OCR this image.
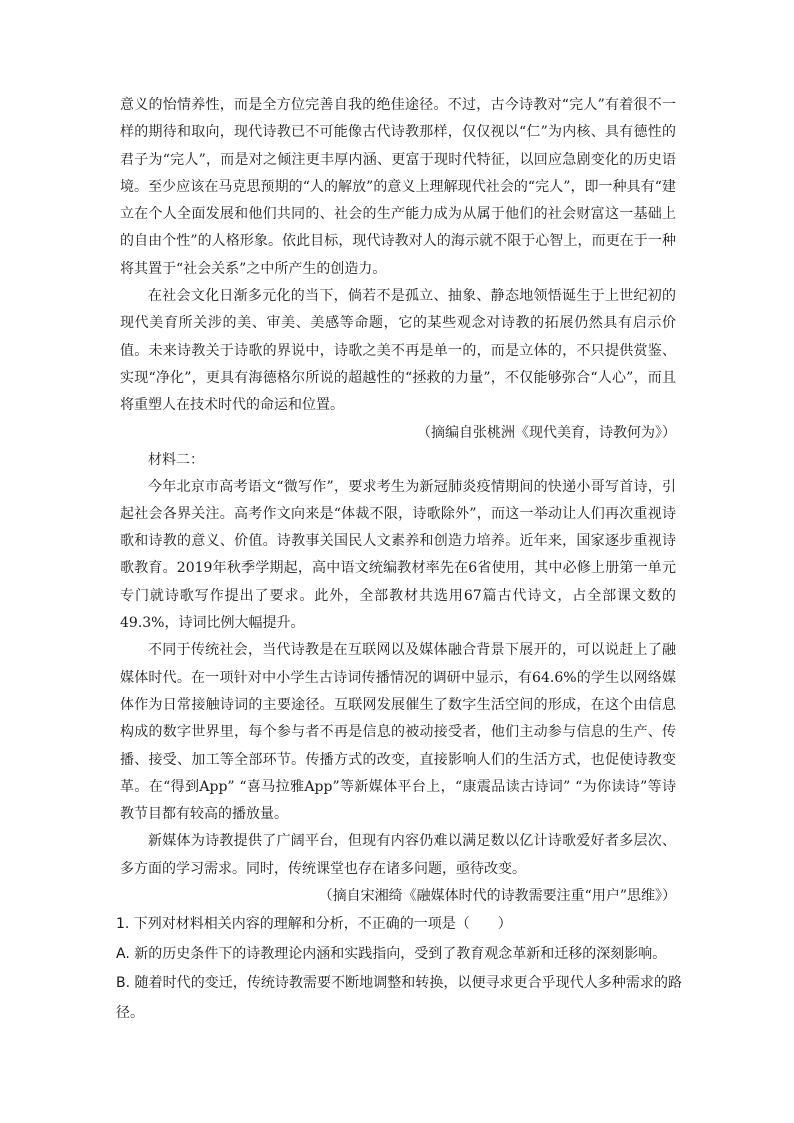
意义的怡情养性，而是全方位完善自我的绝佳途径。不过，古今诗教对“完人”有着很不一样的期待和取向，现代诗教已不可能像古代诗教那样，仅仅视以“仁”为内核、具有德性的君子为“完人”，而是对之倾注更丰厚内涵、更富于现时代特征，以回应急剧变化的历史语境。至少应该在马克思预期的“人的解放”的意义上理解现代社会的“完人”，即一种具有“建立在个人全面发展和他们共同的、社会的生产能力成为从属于他们的社会财富这一基础上的自由个性”的人格形象。依此目标，现代诗教对人的海示就不限于心智上，而更在于一种将其置于“社会关系”之中所产生的创造力。

在社会文化日渐多元化的当下，倘若不是孤立、抽象、静态地领悟诞生于上世纪初的现代美育所关涉的美、审美、美感等命题，它的某些观念对诗教的拓展仍然具有启示价值。未来诗教关于诗歌的界说中，诗歌之美不再是单一的，而是立体的，不只提供赏鉴、实现“净化”，更具有海德格尔所说的超越性的“拯救的力量”，不仅能够弥合“人心”，而且将重塑人在技术时代的命运和位置。

（摘编自张桃洲《现代美育，诗教何为》）

材料二：

今年北京市高考语文“微写作”，要求考生为新冠肺炎疫情期间的快递小哥写首诗，引起社会各界关注。高考作文向来是“体裁不限，诗歌除外”，而这一举动让人们再次重视诗歌和诗教的意义、价值。诗教事关国民人文素养和创造力培养。近年来，国家逐步重视诗歌教育。2019年秋季学期起，高中语文统编教材率先在6省使用，其中必修上册第一单元专门就诗歌写作提出了要求。此外，全部教材共选用67篇古代诗文，占全部课文数的49.3%，诗词比例大幅提升。

不同于传统社会，当代诗教是在互联网以及媒体融合背景下展开的，可以说赶上了融媒体时代。在一项针对中小学生古诗词传播情况的调研中显示，有64.6%的学生以网络媒体作为日常接触诗词的主要途径。互联网发展催生了数字生活空间的形成，在这个由信息构成的数字世界里，每个参与者不再是信息的被动接受者，他们主动参与信息的生产、传播、接受、加工等全部环节。传播方式的改变，直接影响人们的生活方式，也促使诗教变革。在“得到App” “喜马拉雅App”等新媒体平台上，“康震品读古诗词” “为你读诗”等诗教节目都有较高的播放量。

新媒体为诗教提供了广阔平台，但现有内容仍难以满足数以亿计诗歌爱好者多层次、多方面的学习需求。同时，传统课堂也存在诸多问题，亟待改变。

（摘自宋湘绮《融媒体时代的诗教需要注重“用户”思维》）

1. 下列对材料相关内容的理解和分析，不正确的一项是（　　）

A. 新的历史条件下的诗教理论内涵和实践指向，受到了教育观念革新和迁移的深刻影响。

B. 随着时代的变迁，传统诗教需要不断地调整和转换，以便寻求更合乎现代人多种需求的路径。
